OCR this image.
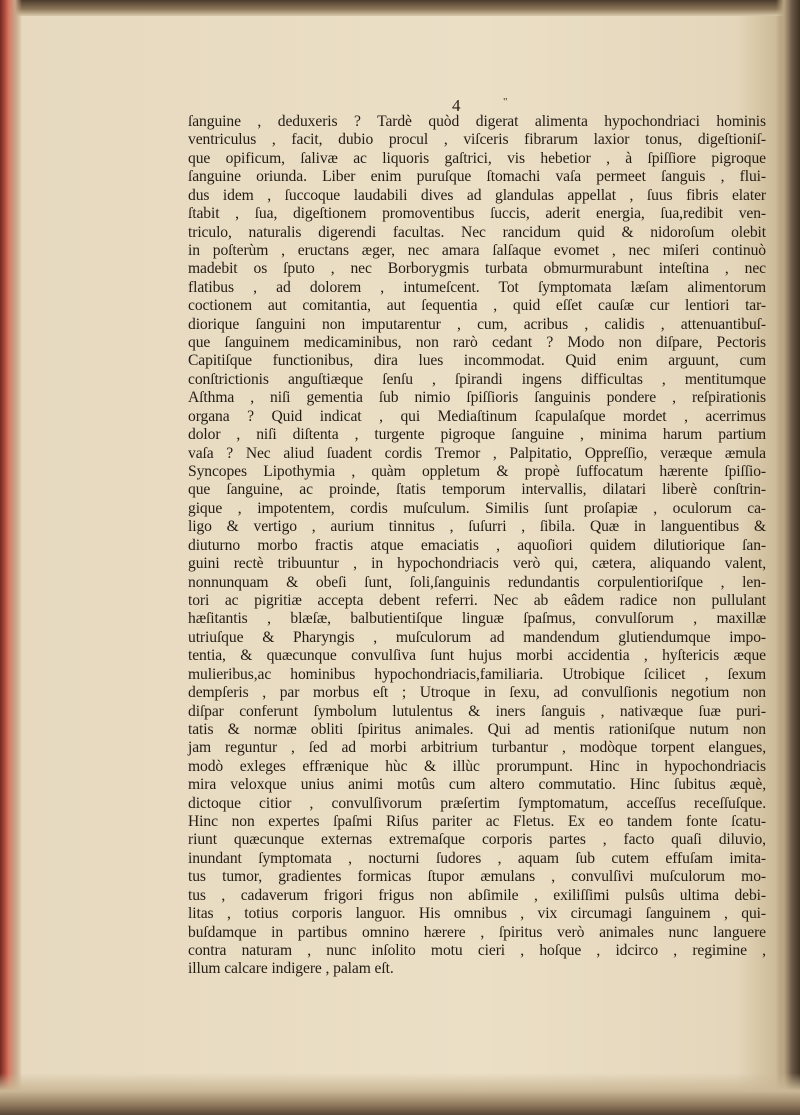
4	"
ſanguine , deduxeris ? Tardè quòd digerat alimenta hypochondriaci hominis
ventriculus , facit, dubio procul , viſceris fibrarum laxior tonus, digeſtioniſ-
que opificum, ſalivæ ac liquoris gaſtrici, vis hebetior , à ſpiſſiore pigroque
ſanguine oriunda. Liber enim puruſque ſtomachi vaſa permeet ſanguis , flui-
dus idem , ſuccoque laudabili dives ad glandulas appellat , ſuus fibris elater
ſtabit , ſua, digeſtionem promoventibus ſuccis, aderit energia, ſua,redibit ven-
triculo, naturalis digerendi facultas. Nec rancidum quid & nidoroſum olebit
in poſterùm , eructans æger, nec amara ſalſaque evomet , nec miſeri continuò
madebit os ſputo , nec Borborygmis turbata obmurmurabunt inteſtina , nec
flatibus , ad dolorem , intumeſcent. Tot ſymptomata læſam alimentorum
coctionem aut comitantia, aut ſequentia , quid eſſet cauſæ cur lentiori tar-
diorique ſanguini non imputarentur , cum, acribus , calidis , attenuantibuſ-
que ſanguinem medicaminibus, non rarò cedant ? Modo non diſpare, Pectoris
Capitiſque functionibus, dira lues incommodat. Quid enim arguunt, cum
conſtrictionis anguſtiæque ſenſu , ſpirandi ingens difficultas , mentitumque
Aſthma , niſi gementia ſub nimio ſpiſſioris ſanguinis pondere , reſpirationis
organa ? Quid indicat , qui Mediaſtinum ſcapulaſque mordet , acerrimus
dolor , niſi diſtenta , turgente pigroque ſanguine , minima harum partium
vaſa ? Nec aliud ſuadent cordis Tremor , Palpitatio, Oppreſſio, veræque æmula
Syncopes Lipothymia , quàm oppletum & propè ſuffocatum hærente ſpiſſio-
que ſanguine, ac proinde, ſtatis temporum intervallis, dilatari liberè conſtrin-
gique , impotentem, cordis muſculum. Similis ſunt proſapiæ , oculorum ca-
ligo & vertigo , aurium tinnitus , ſuſurri , ſibila. Quæ in languentibus &
diuturno morbo fractis atque emaciatis , aquoſiori quidem dilutiorique ſan-
guini rectè tribuuntur , in hypochondriacis verò qui, cætera, aliquando valent,
nonnunquam & obeſi ſunt, ſoli,ſanguinis redundantis corpulentioriſque , len-
tori ac pigritiæ accepta debent referri. Nec ab eâdem radice non pullulant
hæſitantis , blæſæ, balbutientiſque linguæ ſpaſmus, convulſorum , maxillæ
utriuſque & Pharyngis , muſculorum ad mandendum glutiendumque impo-
tentia, & quæcunque convulſiva ſunt hujus morbi accidentia , hyſtericis æque
mulieribus,ac hominibus hypochondriacis,familiaria. Utrobique ſcilicet , ſexum
dempſeris , par morbus eſt ; Utroque in ſexu, ad convulſionis negotium non
diſpar conferunt ſymbolum lutulentus & iners ſanguis , nativæque ſuæ puri-
tatis & normæ obliti ſpiritus animales. Qui ad mentis rationiſque nutum non
jam reguntur , ſed ad morbi arbitrium turbantur , modòque torpent elangues,
modò exleges effrænique hùc & illùc prorumpunt. Hinc in hypochondriacis
mira veloxque unius animi motûs cum altero commutatio. Hinc ſubitus æquè,
dictoque citior , convulſivorum præſertim ſymptomatum, acceſſus receſſuſque.
Hinc non expertes ſpaſmi Riſus pariter ac Fletus. Ex eo tandem fonte ſcatu-
riunt quæcunque externas extremaſque corporis partes , facto quaſi diluvio,
inundant ſymptomata , nocturni ſudores , aquam ſub cutem effuſam imita-
tus tumor, gradientes formicas ſtupor æmulans , convulſivi muſculorum mo-
tus , cadaverum frigori frigus non abſimile , exiliſſimi pulsûs ultima debi-
litas , totius corporis languor. His omnibus , vix circumagi ſanguinem , qui-
buſdamque in partibus omnino hærere , ſpiritus verò animales nunc languere
contra naturam , nunc inſolito motu cieri , hoſque , idcirco , regimine ,
illum calcare indigere , palam eſt.
